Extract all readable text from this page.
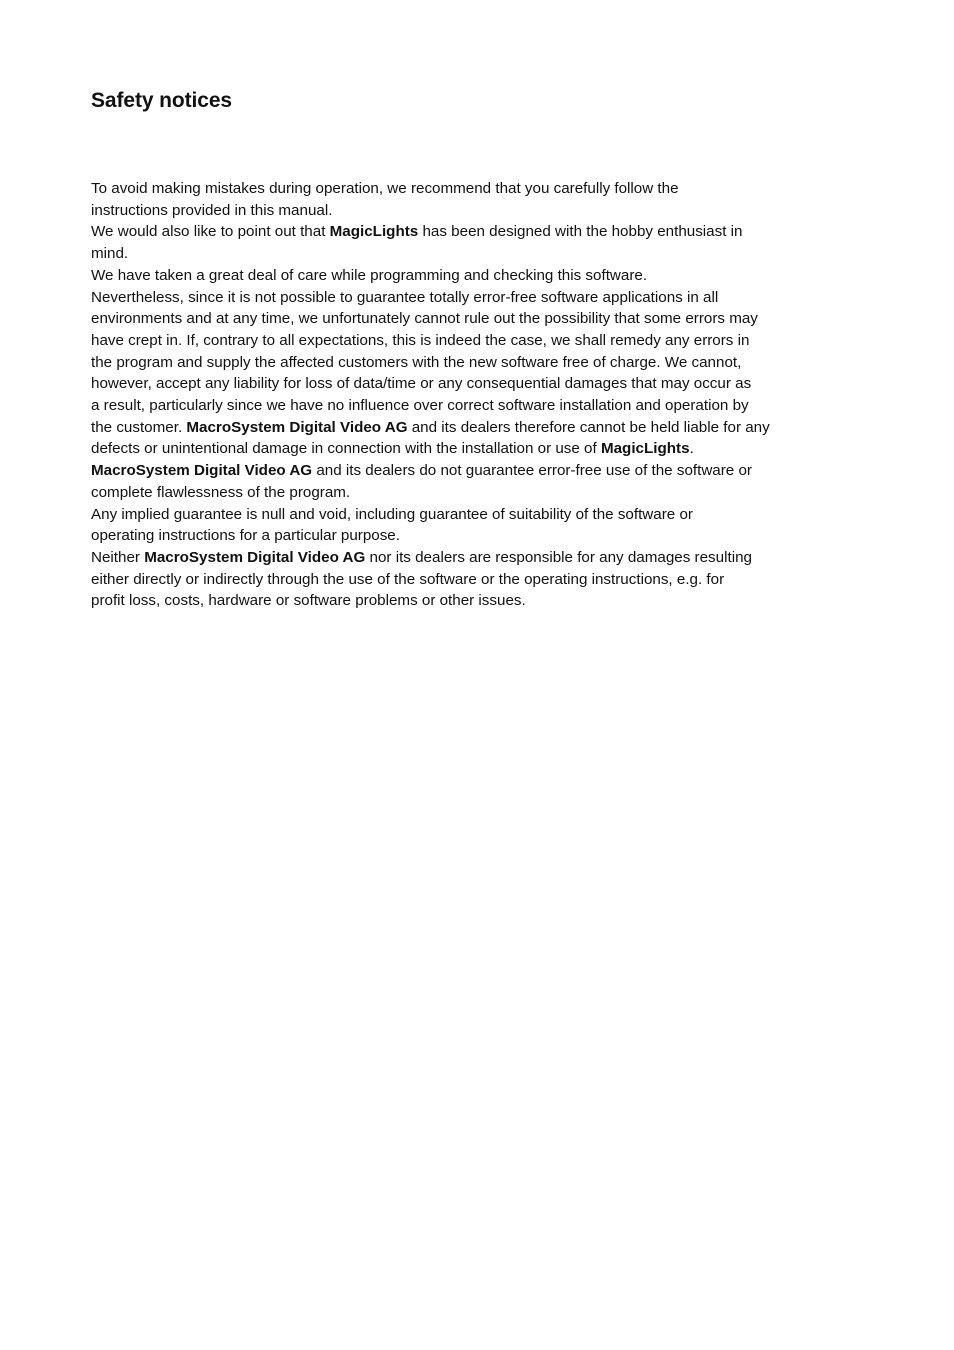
Safety notices
To avoid making mistakes during operation, we recommend that you carefully follow the
instructions provided in this manual.
We would also like to point out that MagicLights has been designed with the hobby enthusiast in
mind.
We have taken a great deal of care while programming and checking this software.
Nevertheless, since it is not possible to guarantee totally error-free software applications in all
environments and at any time, we unfortunately cannot rule out the possibility that some errors may
have crept in. If, contrary to all expectations, this is indeed the case, we shall remedy any errors in
the program and supply the affected customers with the new software free of charge. We cannot,
however, accept any liability for loss of data/time or any consequential damages that may occur as
a result, particularly since we have no influence over correct software installation and operation by
the customer. MacroSystem Digital Video AG and its dealers therefore cannot be held liable for any
defects or unintentional damage in connection with the installation or use of MagicLights.
MacroSystem Digital Video AG and its dealers do not guarantee error-free use of the software or
complete flawlessness of the program.
Any implied guarantee is null and void, including guarantee of suitability of the software or
operating instructions for a particular purpose.
Neither MacroSystem Digital Video AG nor its dealers are responsible for any damages resulting
either directly or indirectly through the use of the software or the operating instructions, e.g. for
profit loss, costs, hardware or software problems or other issues.
